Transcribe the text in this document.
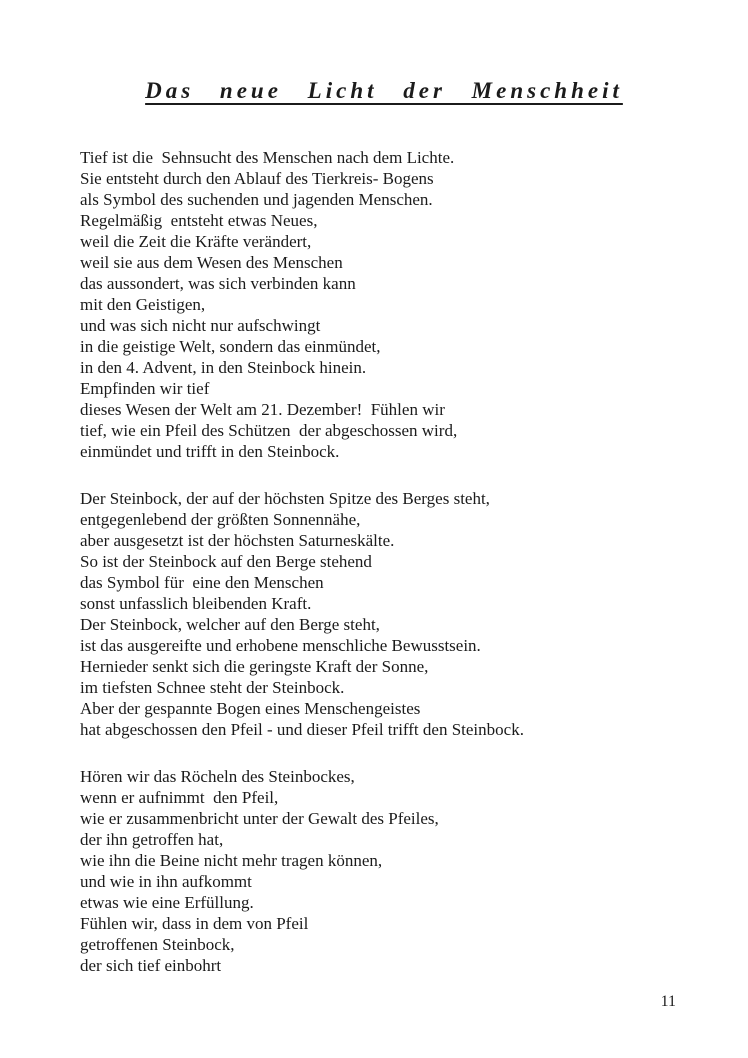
Das neue Licht der Menschheit
Tief ist die  Sehnsucht des Menschen nach dem Lichte.
Sie entsteht durch den Ablauf des Tierkreis- Bogens
als Symbol des suchenden und jagenden Menschen.
Regelmäßig  entsteht etwas Neues,
weil die Zeit die Kräfte verändert,
weil sie aus dem Wesen des Menschen
das aussondert, was sich verbinden kann
mit den Geistigen,
und was sich nicht nur aufschwingt
in die geistige Welt, sondern das einmündet,
in den 4. Advent, in den Steinbock hinein.
Empfinden wir tief
dieses Wesen der Welt am 21. Dezember!  Fühlen wir
tief, wie ein Pfeil des Schützen  der abgeschossen wird,
einmündet und trifft in den Steinbock.
Der Steinbock, der auf der höchsten Spitze des Berges steht,
entgegenlebend der größten Sonnennähe,
aber ausgesetzt ist der höchsten Saturneskälte.
So ist der Steinbock auf den Berge stehend
das Symbol für  eine den Menschen
sonst unfasslich bleibenden Kraft.
Der Steinbock, welcher auf den Berge steht,
ist das ausgereifte und erhobene menschliche Bewusstsein.
Hernieder senkt sich die geringste Kraft der Sonne,
im tiefsten Schnee steht der Steinbock.
Aber der gespannte Bogen eines Menschengeistes
hat abgeschossen den Pfeil - und dieser Pfeil trifft den Steinbock.
Hören wir das Röcheln des Steinbockes,
wenn er aufnimmt  den Pfeil,
wie er zusammenbricht unter der Gewalt des Pfeiles,
der ihn getroffen hat,
wie ihn die Beine nicht mehr tragen können,
und wie in ihn aufkommt
etwas wie eine Erfüllung.
Fühlen wir, dass in dem von Pfeil
getroffenen Steinbock,
der sich tief einbohrt
11
